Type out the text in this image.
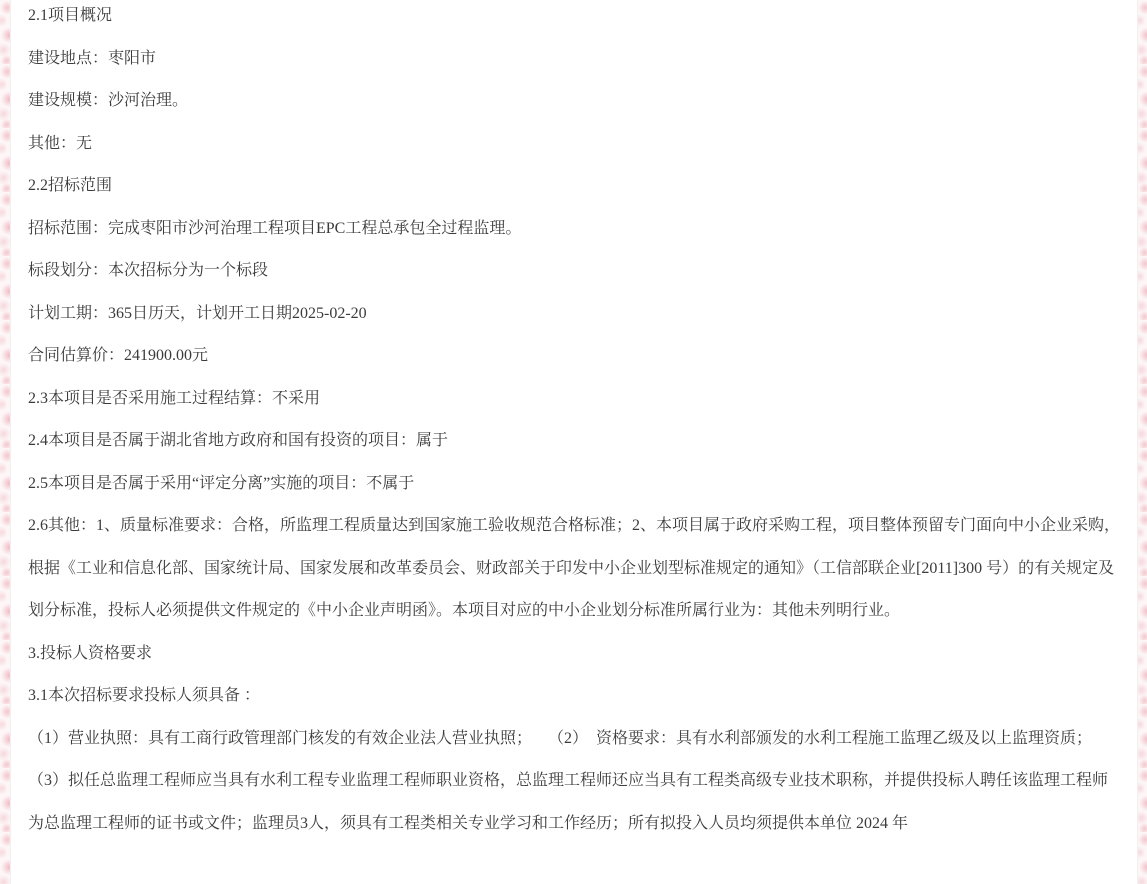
2.1项目概况

建设地点：枣阳市

建设规模：沙河治理。

其他：无

2.2招标范围

招标范围：完成枣阳市沙河治理工程项目EPC工程总承包全过程监理。

标段划分：本次招标分为一个标段

计划工期：365日历天，计划开工日期2025-02-20

合同估算价：241900.00元

2.3本项目是否采用施工过程结算：不采用

2.4本项目是否属于湖北省地方政府和国有投资的项目：属于

2.5本项目是否属于采用“评定分离”实施的项目：不属于

2.6其他：1、质量标准要求：合格，所监理工程质量达到国家施工验收规范合格标准；2、本项目属于政府采购工程，项目整体预留专门面向中小企业采购，根据《工业和信息化部、国家统计局、国家发展和改革委员会、财政部关于印发中小企业划型标准规定的通知》（工信部联企业[2011]300 号）的有关规定及划分标准，投标人必须提供文件规定的《中小企业声明函》。本项目对应的中小企业划分标准所属行业为：其他未列明行业。

3.投标人资格要求

3.1本次招标要求投标人须具备 ：

（1）营业执照：具有工商行政管理部门核发的有效企业法人营业执照；　　（2）　资格要求：具有水利部颁发的水利工程施工监理乙级及以上监理资质；　　（3）拟任总监理工程师应当具有水利工程专业监理工程师职业资格，总监理工程师还应当具有工程类高级专业技术职称，并提供投标人聘任该监理工程师为总监理工程师的证书或文件；监理员3人，须具有工程类相关专业学习和工作经历；所有拟投入人员均须提供本单位 2024 年
